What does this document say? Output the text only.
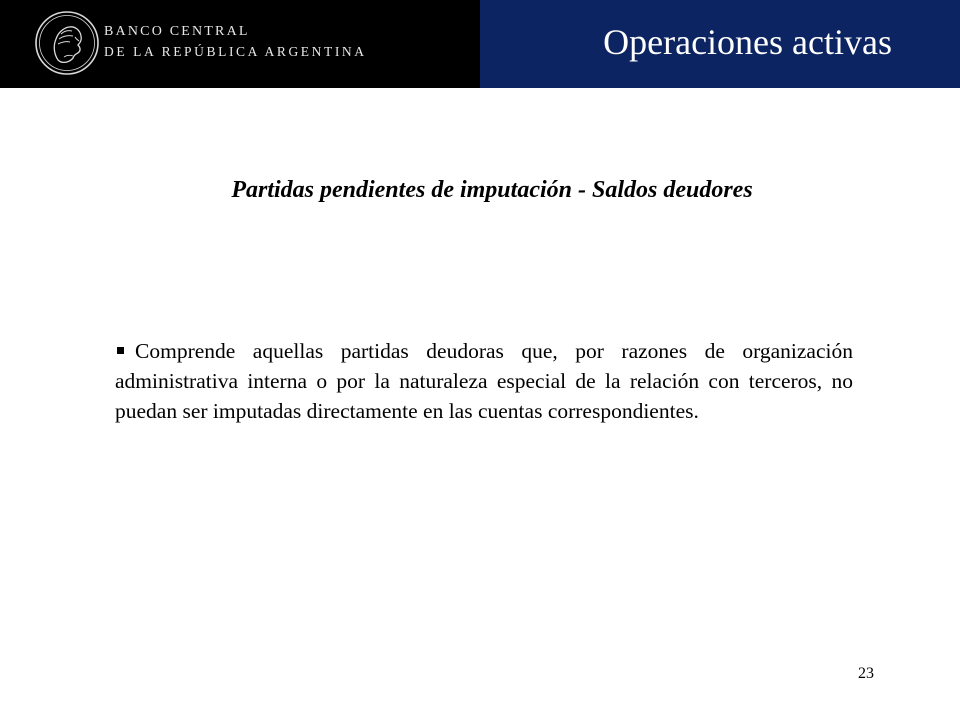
BANCO CENTRAL
DE LA REPÚBLICA ARGENTINA	Operaciones activas
Partidas pendientes de imputación - Saldos deudores

Comprende aquellas partidas deudoras que, por razones de organización administrativa interna o por la naturaleza especial de la relación con terceros, no puedan ser imputadas directamente en las cuentas correspondientes.

23
